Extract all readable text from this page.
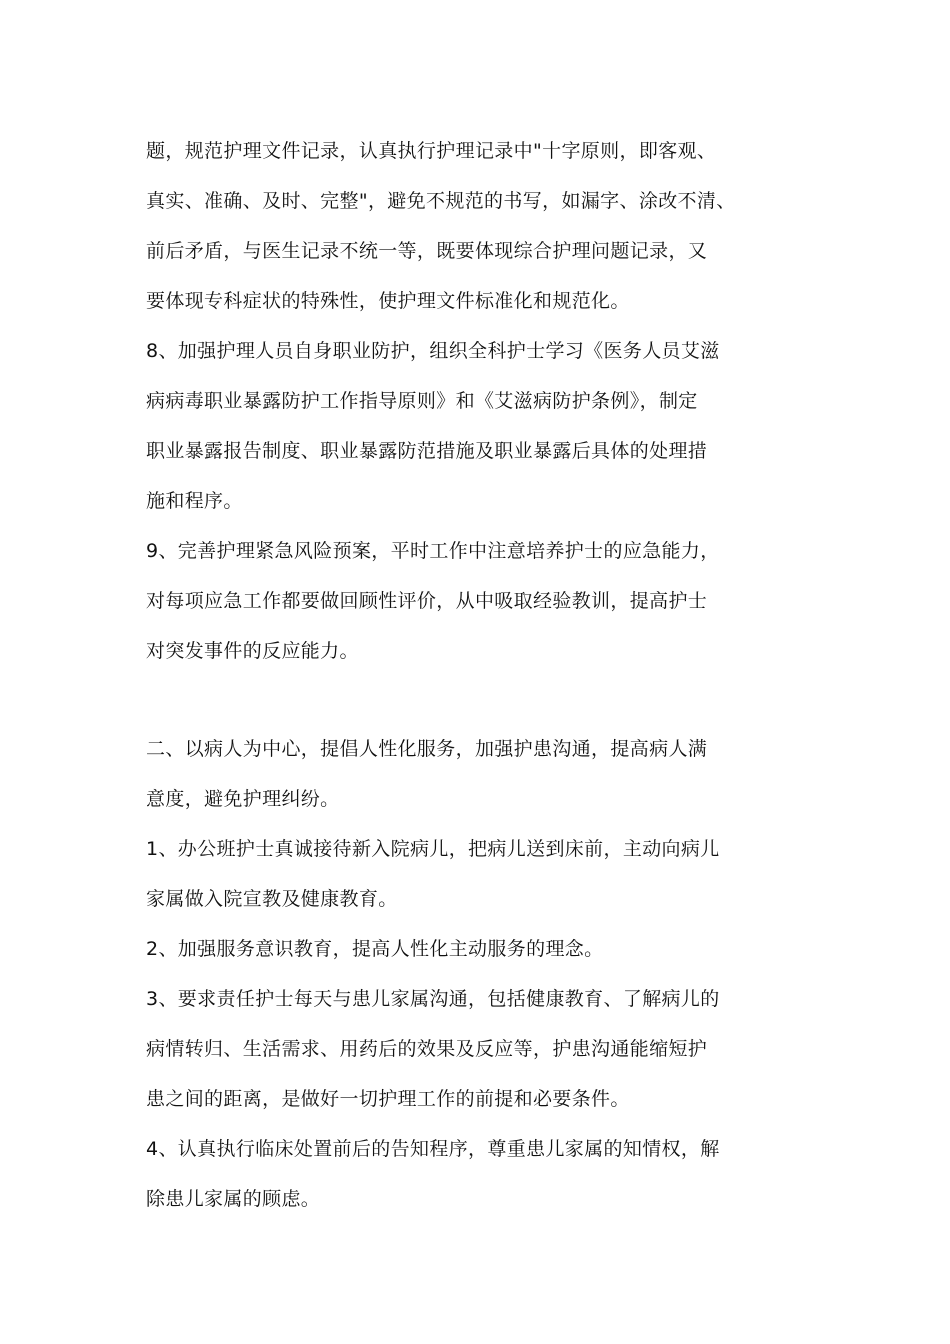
题，规范护理文件记录，认真执行护理记录中"十字原则，即客观、
真实、准确、及时、完整"，避免不规范的书写，如漏字、涂改不清、
前后矛盾，与医生记录不统一等，既要体现综合护理问题记录，又
要体现专科症状的特殊性，使护理文件标准化和规范化。
8、加强护理人员自身职业防护，组织全科护士学习《医务人员艾滋
病病毒职业暴露防护工作指导原则》和《艾滋病防护条例》，制定
职业暴露报告制度、职业暴露防范措施及职业暴露后具体的处理措
施和程序。
9、完善护理紧急风险预案，平时工作中注意培养护士的应急能力，
对每项应急工作都要做回顾性评价，从中吸取经验教训，提高护士
对突发事件的反应能力。
二、以病人为中心，提倡人性化服务，加强护患沟通，提高病人满
意度，避免护理纠纷。
1、办公班护士真诚接待新入院病儿，把病儿送到床前，主动向病儿
家属做入院宣教及健康教育。
2、加强服务意识教育，提高人性化主动服务的理念。
3、要求责任护士每天与患儿家属沟通，包括健康教育、了解病儿的
病情转归、生活需求、用药后的效果及反应等，护患沟通能缩短护
患之间的距离，是做好一切护理工作的前提和必要条件。
4、认真执行临床处置前后的告知程序，尊重患儿家属的知情权，解
除患儿家属的顾虑。
